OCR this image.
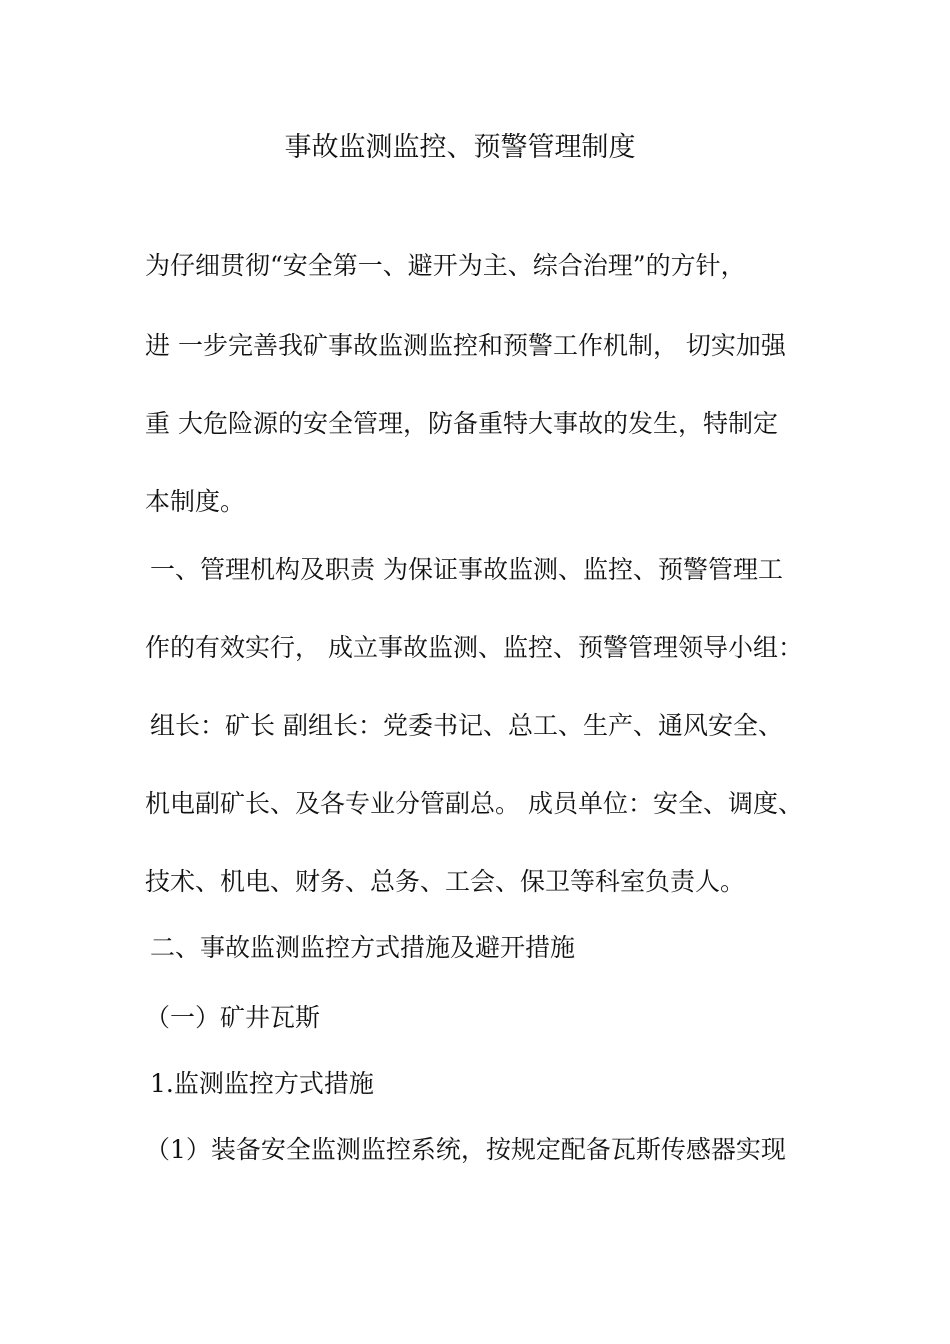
事故监测监控、预警管理制度
为仔细贯彻“安全第一、避开为主、综合治理”的方针，
进 一步完善我矿事故监测监控和预警工作机制， 切实加强
重 大危险源的安全管理，防备重特大事故的发生，特制定
本制度。
一、管理机构及职责 为保证事故监测、监控、预警管理工
作的有效实行， 成立事故监测、监控、预警管理领导小组：
组长：矿长 副组长：党委书记、总工、生产、通风安全、
机电副矿长、及各专业分管副总。 成员单位：安全、调度、
技术、机电、财务、总务、工会、保卫等科室负责人。
二、事故监测监控方式措施及避开措施
（一）矿井瓦斯
1.监测监控方式措施
（1）装备安全监测监控系统，按规定配备瓦斯传感器实现
